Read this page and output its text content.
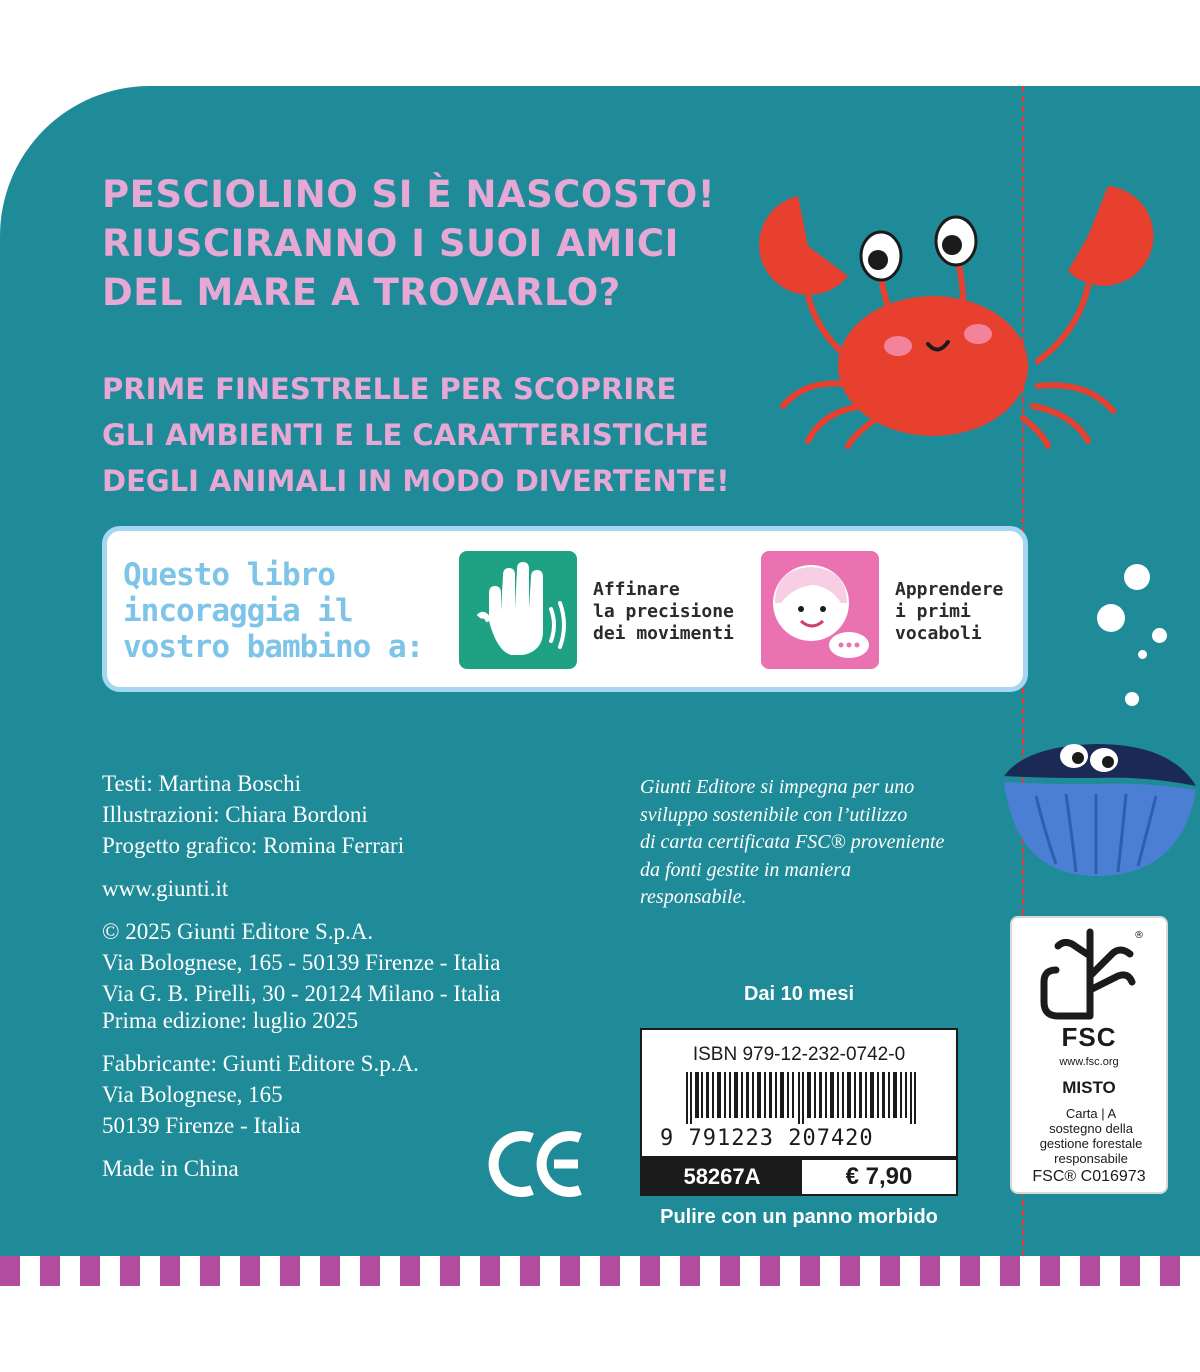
PESCIOLINO SI È NASCOSTO!
RIUSCIRANNO I SUOI AMICI
DEL MARE A TROVARLO?
PRIME FINESTRELLE PER SCOPRIRE
GLI AMBIENTI E LE CARATTERISTICHE
DEGLI ANIMALI IN MODO DIVERTENTE!
Questo libro incoraggia il vostro bambino a:
Affinare
la precisione
dei movimenti
Apprendere
i primi
vocaboli
Testi: Martina Boschi
Illustrazioni: Chiara Bordoni
Progetto grafico: Romina Ferrari
www.giunti.it
© 2025 Giunti Editore S.p.A.
Via Bolognese, 165 - 50139 Firenze - Italia
Via G. B. Pirelli, 30 - 20124 Milano - Italia
Prima edizione: luglio 2025
Fabbricante: Giunti Editore S.p.A.
Via Bolognese, 165
50139 Firenze - Italia
Made in China
Giunti Editore si impegna per uno
sviluppo sostenibile con l’utilizzo
di carta certificata FSC® proveniente
da fonti gestite in maniera
responsabile.
Dai 10 mesi
ISBN 979-12-232-0742-0
9 791223 207420
58267A	€ 7,90
Pulire con un panno morbido
®
FSC
www.fsc.org
MISTO
Carta | A
sostegno della
gestione forestale
responsabile
FSC® C016973
